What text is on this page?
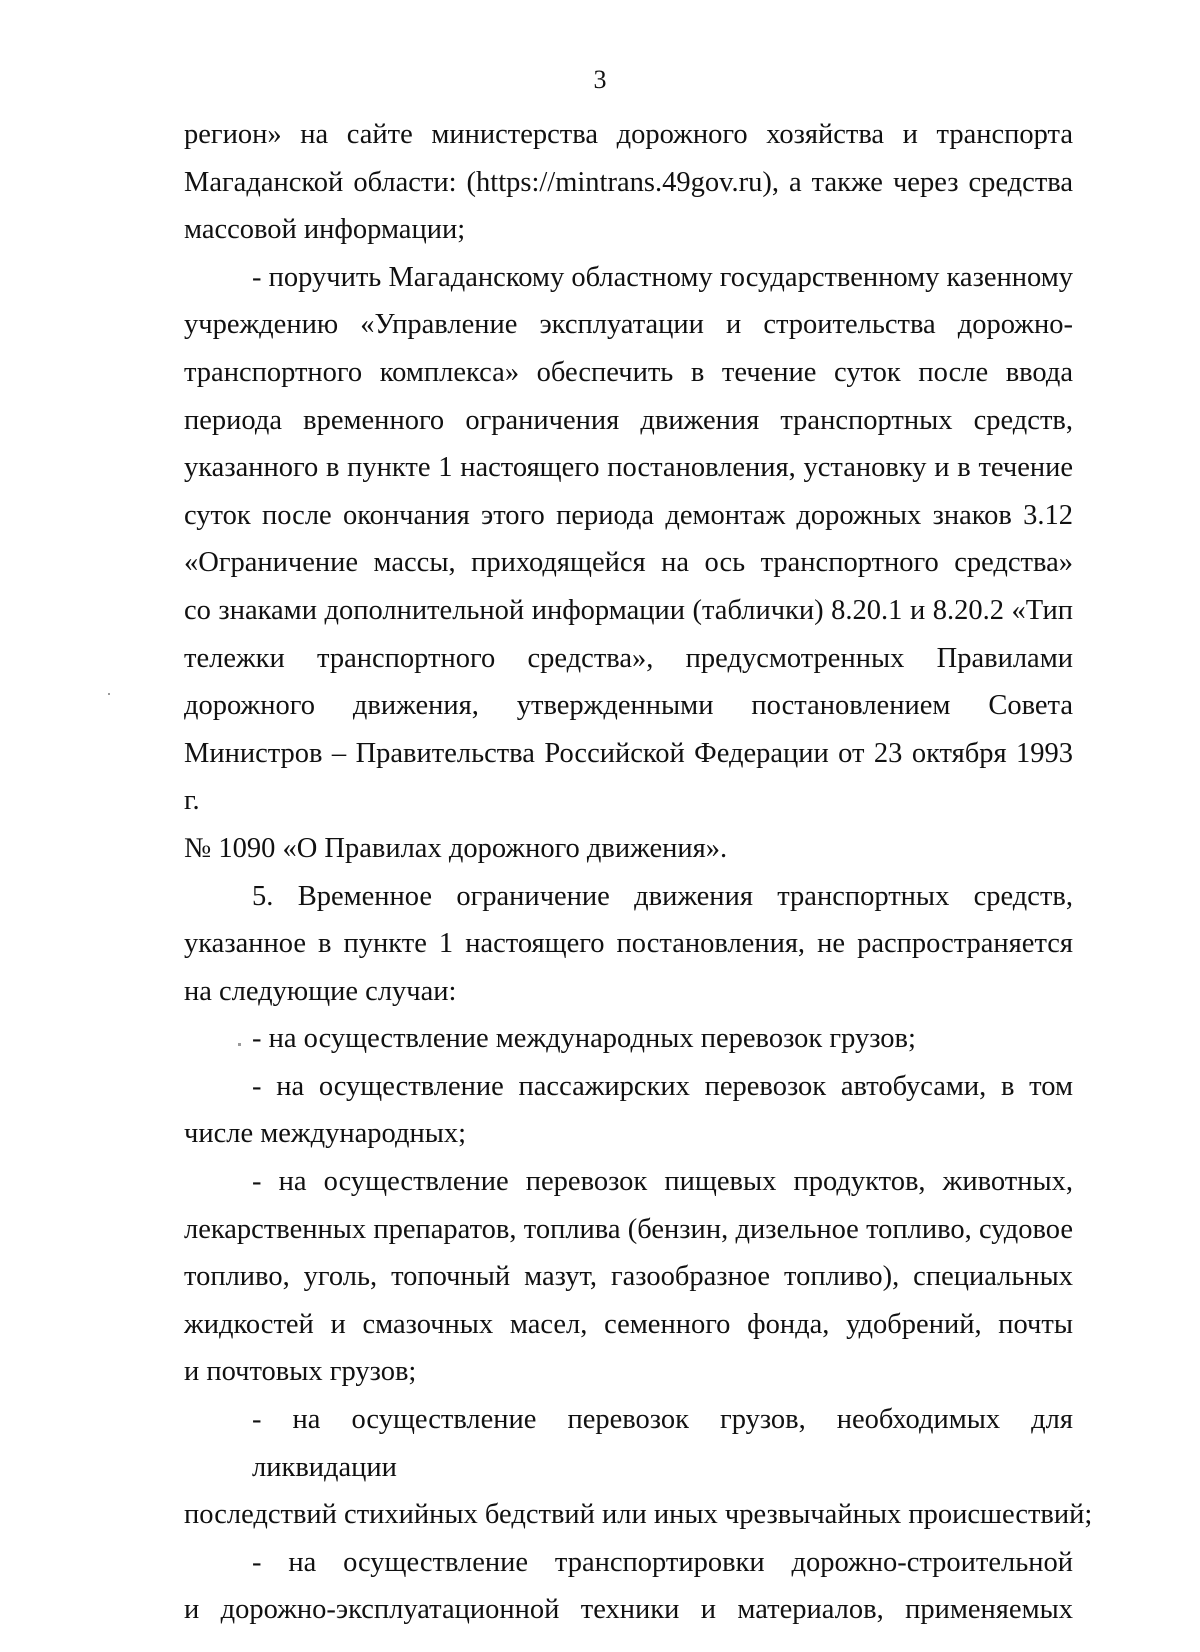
3
регион» на сайте министерства дорожного хозяйства и транспорта
Магаданской области: (https://mintrans.49gov.ru), а также через средства
массовой информации;
- поручить Магаданскому областному государственному казенному
учреждению «Управление эксплуатации и строительства дорожно-
транспортного комплекса» обеспечить в течение суток после ввода
периода временного ограничения движения транспортных средств,
указанного в пункте 1 настоящего постановления, установку и в течение
суток после окончания этого периода демонтаж дорожных знаков 3.12
«Ограничение массы, приходящейся на ось транспортного средства»
со знаками дополнительной информации (таблички) 8.20.1 и 8.20.2 «Тип
тележки транспортного средства», предусмотренных Правилами
дорожного движения, утвержденными постановлением Совета
Министров – Правительства Российской Федерации от 23 октября 1993 г.
№ 1090 «О Правилах дорожного движения».
5. Временное ограничение движения транспортных средств,
указанное в пункте 1 настоящего постановления, не распространяется
на следующие случаи:
- на осуществление международных перевозок грузов;
- на осуществление пассажирских перевозок автобусами, в том
числе международных;
- на осуществление перевозок пищевых продуктов, животных,
лекарственных препаратов, топлива (бензин, дизельное топливо, судовое
топливо, уголь, топочный мазут, газообразное топливо), специальных
жидкостей и смазочных масел, семенного фонда, удобрений, почты
и почтовых грузов;
- на осуществление перевозок грузов, необходимых для ликвидации
последствий стихийных бедствий или иных чрезвычайных происшествий;
- на осуществление транспортировки дорожно-строительной
и дорожно-эксплуатационной техники и материалов, применяемых
